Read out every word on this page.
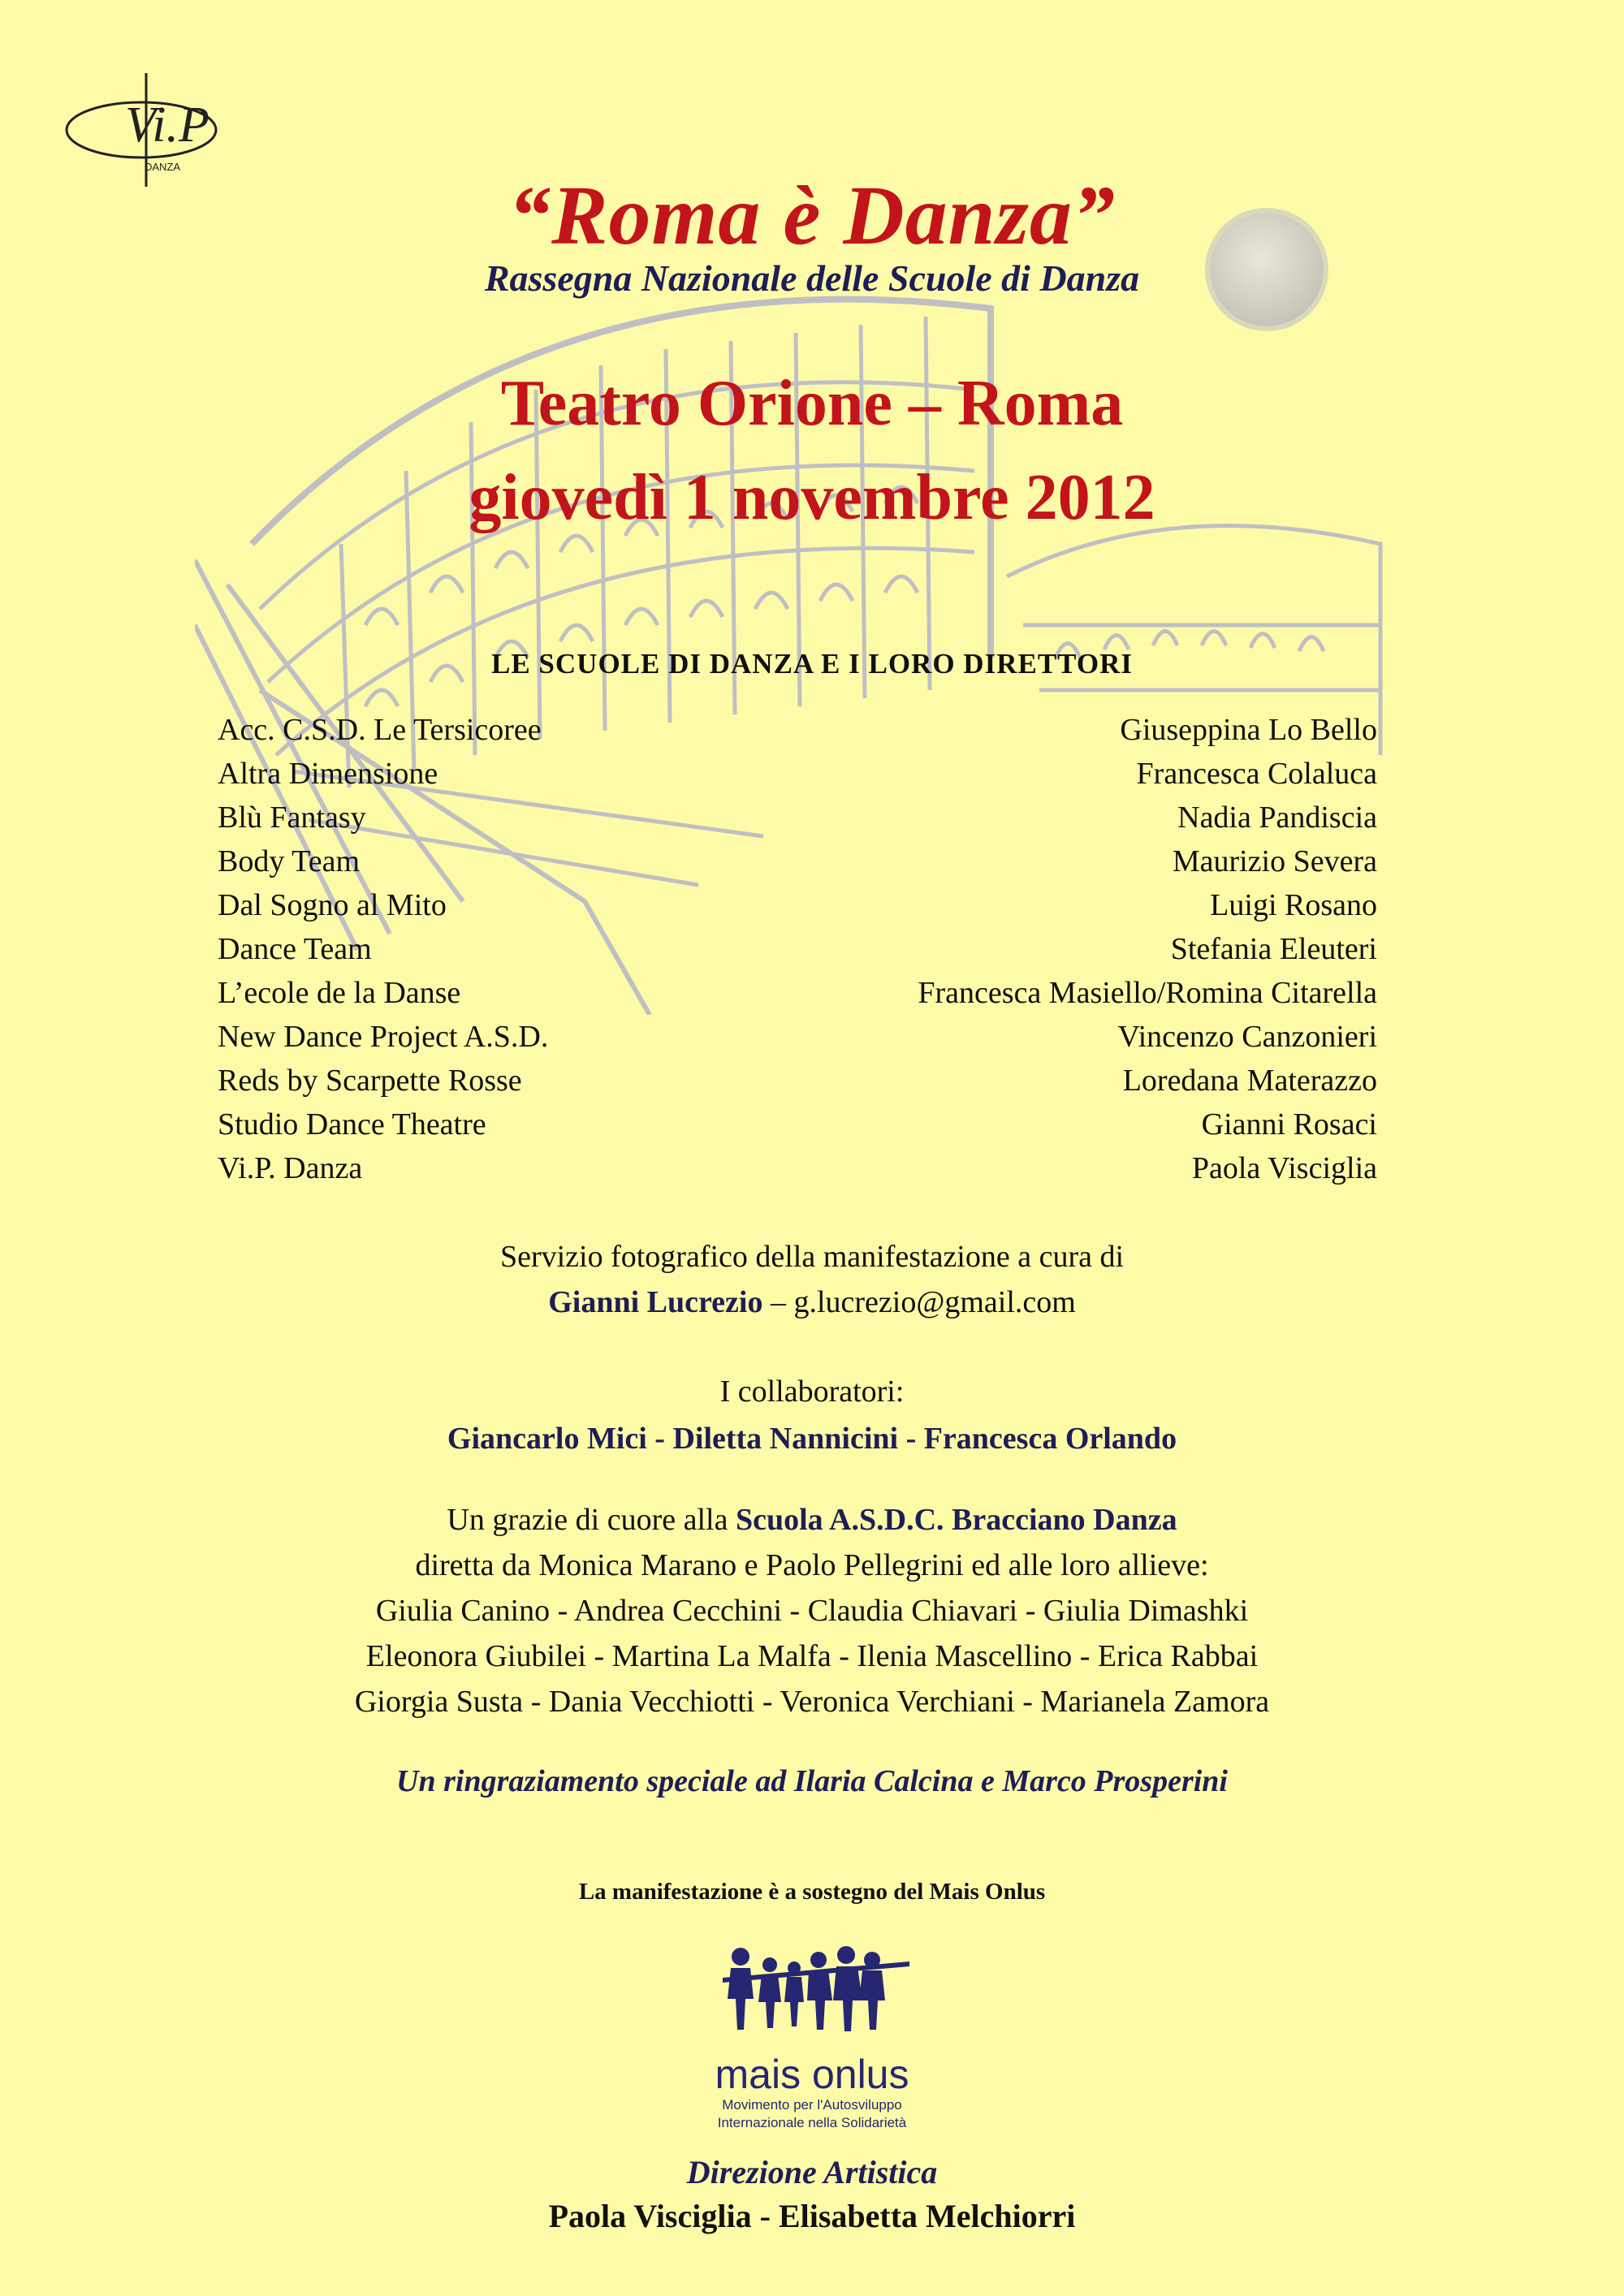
Vi.P
DANZA
“Roma è Danza”
Rassegna Nazionale delle Scuole di Danza
Teatro Orione – Roma
giovedì 1 novembre 2012
LE SCUOLE DI DANZA E I LORO DIRETTORI
Acc. C.S.D. Le Tersicoree	Giuseppina Lo Bello
Altra Dimensione	Francesca Colaluca
Blù Fantasy	Nadia Pandiscia
Body Team	Maurizio Severa
Dal Sogno al Mito	Luigi Rosano
Dance Team	Stefania Eleuteri
L’ecole de la Danse	Francesca Masiello/Romina Citarella
New Dance Project A.S.D.	Vincenzo Canzonieri
Reds by Scarpette Rosse	Loredana Materazzo
Studio Dance Theatre	Gianni Rosaci
Vi.P. Danza	Paola Visciglia
Servizio fotografico della manifestazione a cura di
Gianni Lucrezio – g.lucrezio@gmail.com
I collaboratori:
Giancarlo Mici - Diletta Nannicini - Francesca Orlando
Un grazie di cuore alla Scuola A.S.D.C. Bracciano Danza
diretta da Monica Marano e Paolo Pellegrini ed alle loro allieve:
Giulia Canino - Andrea Cecchini - Claudia Chiavari - Giulia Dimashki
Eleonora Giubilei - Martina La Malfa - Ilenia Mascellino - Erica Rabbai
Giorgia Susta - Dania Vecchiotti - Veronica Verchiani - Marianela Zamora
Un ringraziamento speciale ad Ilaria Calcina e Marco Prosperini
La manifestazione è a sostegno del Mais Onlus
mais onlus
Movimento per l'Autosviluppo
Internazionale nella Solidarietà
Direzione Artistica
Paola Visciglia - Elisabetta Melchiorri
